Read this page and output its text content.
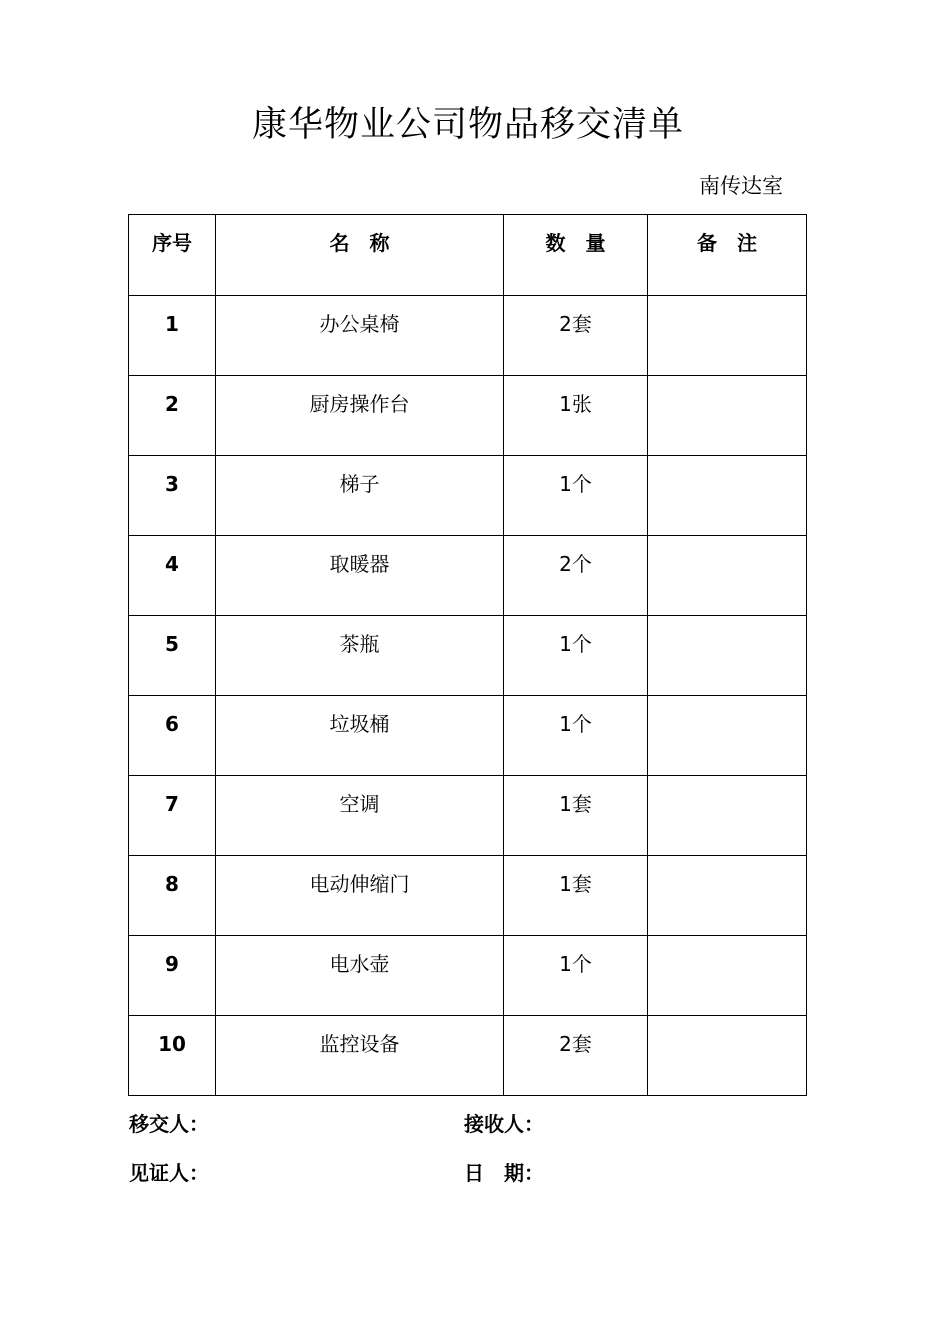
康华物业公司物品移交清单
南传达室
序号	名　称	数　量	备　注
1	办公桌椅	2套	
2	厨房操作台	1张	
3	梯子	1个	
4	取暖器	2个	
5	茶瓶	1个	
6	垃圾桶	1个	
7	空调	1套	
8	电动伸缩门	1套	
9	电水壶	1个	
10	监控设备	2套	
移交人：	接收人：
见证人：	日　期：
